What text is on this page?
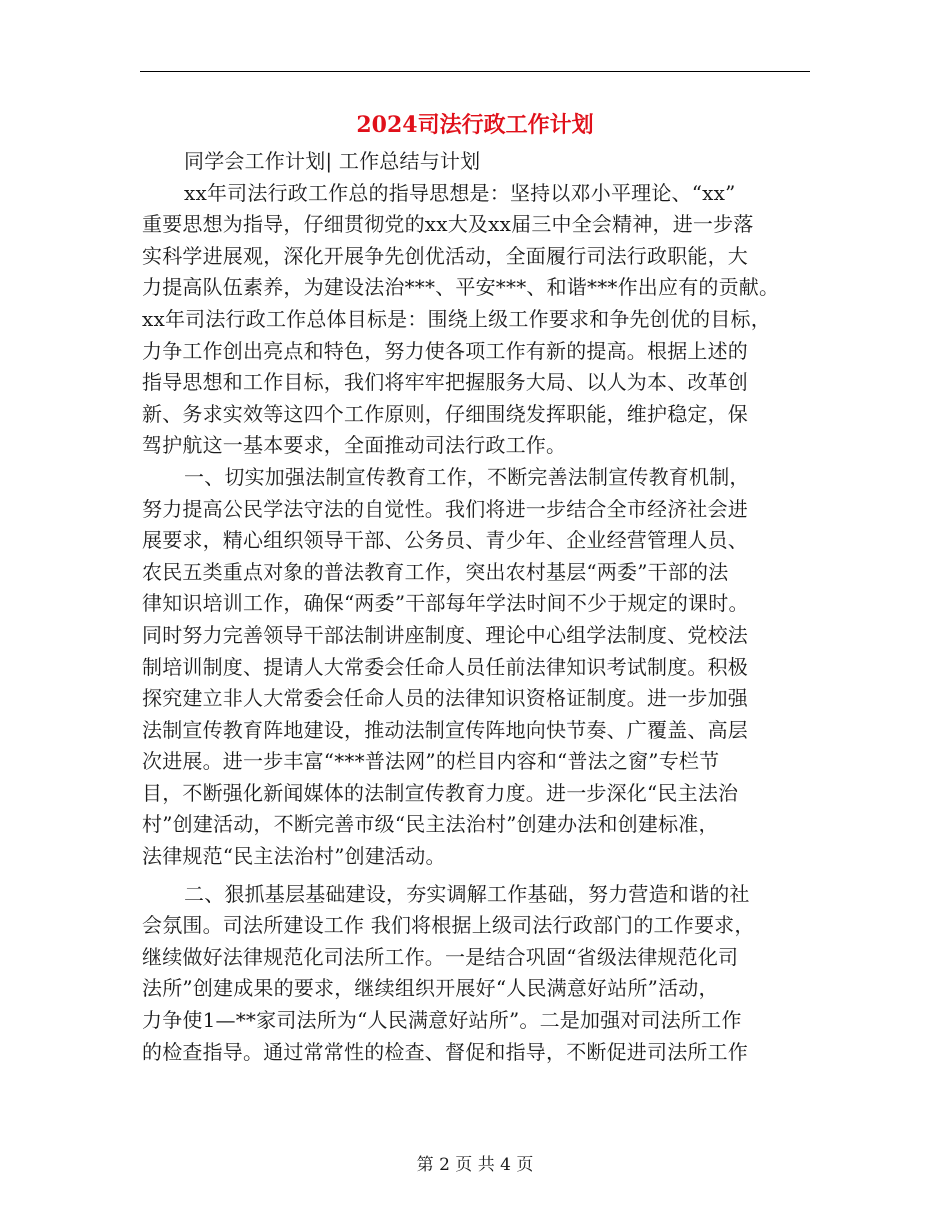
2024司法行政工作计划
同学会工作计划| 工作总结与计划
xx年司法行政工作总的指导思想是：坚持以邓小平理论、“xx”
重要思想为指导，仔细贯彻党的xx大及xx届三中全会精神，进一步落
实科学进展观，深化开展争先创优活动，全面履行司法行政职能，大
力提高队伍素养，为建设法治***、平安***、和谐***作出应有的贡献。
xx年司法行政工作总体目标是：围绕上级工作要求和争先创优的目标，
力争工作创出亮点和特色，努力使各项工作有新的提高。根据上述的
指导思想和工作目标，我们将牢牢把握服务大局、以人为本、改革创
新、务求实效等这四个工作原则，仔细围绕发挥职能，维护稳定，保
驾护航这一基本要求，全面推动司法行政工作。
一、切实加强法制宣传教育工作，不断完善法制宣传教育机制，
努力提高公民学法守法的自觉性。我们将进一步结合全市经济社会进
展要求，精心组织领导干部、公务员、青少年、企业经营管理人员、
农民五类重点对象的普法教育工作，突出农村基层“两委”干部的法
律知识培训工作，确保“两委”干部每年学法时间不少于规定的课时。
同时努力完善领导干部法制讲座制度、理论中心组学法制度、党校法
制培训制度、提请人大常委会任命人员任前法律知识考试制度。积极
探究建立非人大常委会任命人员的法律知识资格证制度。进一步加强
法制宣传教育阵地建设，推动法制宣传阵地向快节奏、广覆盖、高层
次进展。进一步丰富“***普法网”的栏目内容和“普法之窗”专栏节
目，不断强化新闻媒体的法制宣传教育力度。进一步深化“民主法治
村”创建活动，不断完善市级“民主法治村”创建办法和创建标准，
法律规范“民主法治村”创建活动。
二、狠抓基层基础建设，夯实调解工作基础，努力营造和谐的社
会氛围。司法所建设工作 我们将根据上级司法行政部门的工作要求，
继续做好法律规范化司法所工作。一是结合巩固“省级法律规范化司
法所”创建成果的要求，继续组织开展好“人民满意好站所”活动，
力争使1—**家司法所为“人民满意好站所”。二是加强对司法所工作
的检查指导。通过常常性的检查、督促和指导，不断促进司法所工作
第 2 页 共 4 页
